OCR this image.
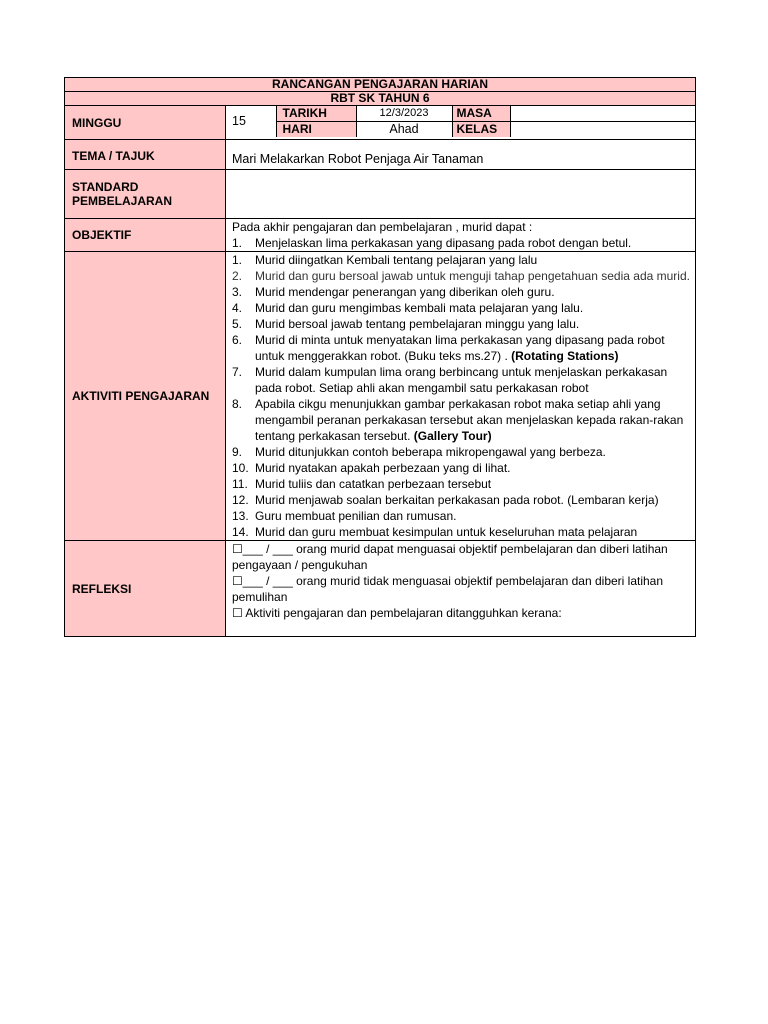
RANCANGAN PENGAJARAN HARIAN
RBT SK TAHUN 6
MINGGU		15	TARIKH	12/3/2023	MASA	
HARI	Ahad	KELAS	

TEMA / TAJUK	Mari Melakarkan Robot Penjaga Air Tanaman
STANDARD PEMBELAJARAN	
OBJEKTIF	
Pada akhir pengajaran dan pembelajaran , murid dapat :
1. Menjelaskan lima perkakasan yang dipasang pada robot dengan betul.

AKTIVITI PENGAJARAN	
1. Murid diingatkan Kembali tentang pelajaran yang lalu
2. Murid dan guru bersoal jawab untuk menguji tahap pengetahuan sedia ada murid.
3. Murid mendengar penerangan yang diberikan oleh guru.
4. Murid dan guru mengimbas kembali mata pelajaran yang lalu.
5. Murid bersoal jawab tentang pembelajaran minggu yang lalu.
6. Murid di minta untuk menyatakan lima perkakasan yang dipasang pada robot untuk menggerakkan robot. (Buku teks ms.27) . (Rotating Stations)
7. Murid dalam kumpulan lima orang berbincang untuk menjelaskan perkakasan pada robot. Setiap ahli akan mengambil satu perkakasan robot
8. Apabila cikgu menunjukkan gambar perkakasan robot maka setiap ahli yang mengambil peranan perkakasan tersebut akan menjelaskan kepada rakan-rakan tentang perkakasan tersebut. (Gallery Tour)
9. Murid ditunjukkan contoh beberapa mikropengawal yang berbeza.
10. Murid nyatakan apakah perbezaan yang di lihat.
11. Murid tuliis dan catatkan perbezaan tersebut
12. Murid menjawab soalan berkaitan perkakasan pada robot. (Lembaran kerja)
13. Guru membuat penilian dan rumusan.
14. Murid dan guru membuat kesimpulan untuk keseluruhan mata pelajaran

REFLEKSI	
☐___ / ___ orang murid dapat menguasai objektif pembelajaran dan diberi latihan pengayaan / pengukuhan
☐___ / ___ orang murid tidak menguasai objektif pembelajaran dan diberi latihan pemulihan
☐ Aktiviti pengajaran dan pembelajaran ditangguhkan kerana:
